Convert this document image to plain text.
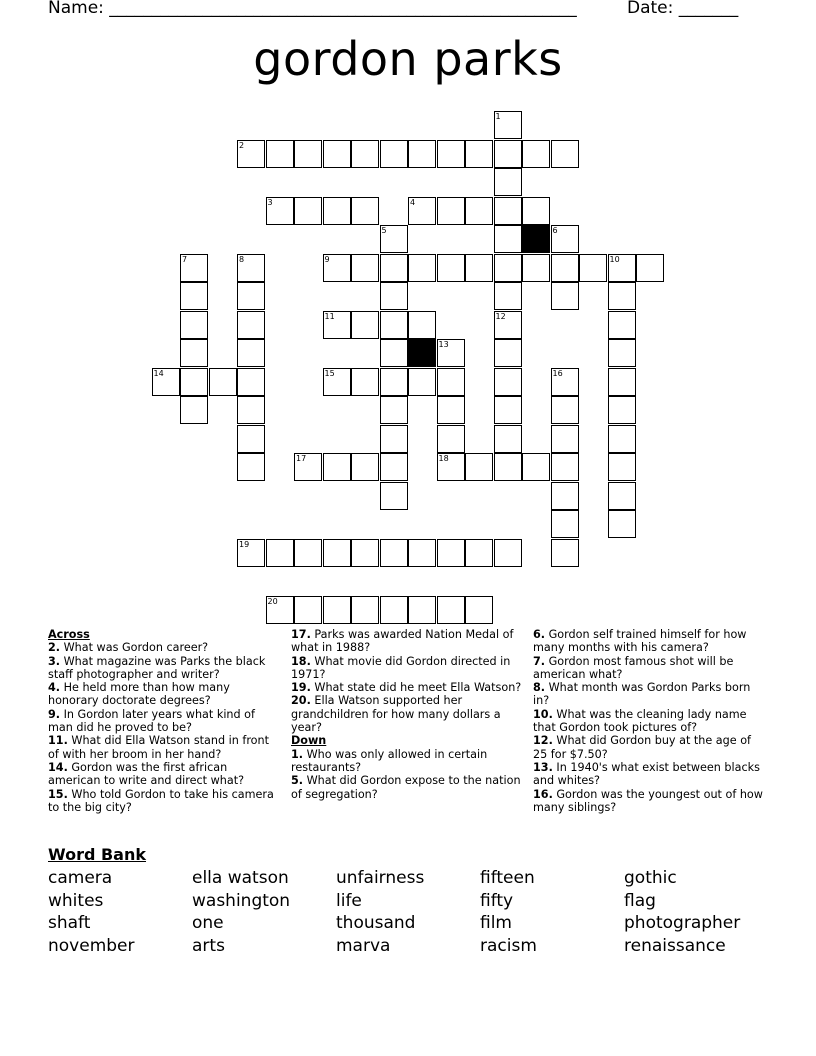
Name: _______________________________________________________	Date: _______
gordon parks
2
3	4
9	10
11
14	15
17	18
19
20
1
12
5	6
7	8
13
16
Across
2. What was Gordon career?
3. What magazine was Parks the black staff photographer and writer?
4. He held more than how many honorary doctorate degrees?
9. In Gordon later years what kind of man did he proved to be?
11. What did Ella Watson stand in front of with her broom in her hand?
14. Gordon was the first african american to write and direct what?
15. Who told Gordon to take his camera to the big city?
17. Parks was awarded Nation Medal of what in 1988?
18. What movie did Gordon directed in 1971?
19. What state did he meet Ella Watson?
20. Ella Watson supported her grandchildren for how many dollars a year?
Down
1. Who was only allowed in certain restaurants?
5. What did Gordon expose to the nation of segregation?
6. Gordon self trained himself for how many months with his camera?
7. Gordon most famous shot will be american what?
8. What month was Gordon Parks born in?
10. What was the cleaning lady name that Gordon took pictures of?
12. What did Gordon buy at the age of 25 for $7.50?
13. In 1940's what exist between blacks and whites?
16. Gordon was the youngest out of how many siblings?
Word Bank
camera
whites
shaft
november
ella watson
washington
one
arts
unfairness
life
thousand
marva
fifteen
fifty
film
racism
gothic
flag
photographer
renaissance
